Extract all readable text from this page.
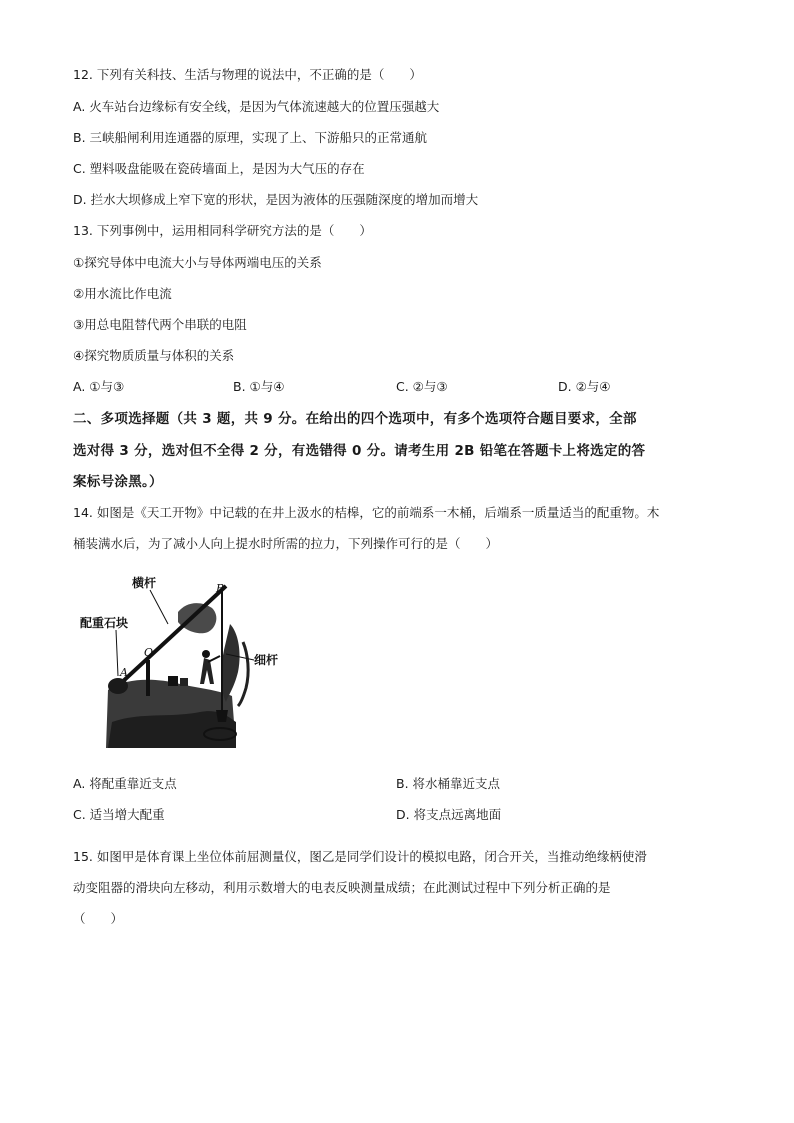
12. 下列有关科技、生活与物理的说法中，不正确的是（　　）
A. 火车站台边缘标有安全线，是因为气体流速越大的位置压强越大
B. 三峡船闸利用连通器的原理，实现了上、下游船只的正常通航
C. 塑料吸盘能吸在瓷砖墙面上，是因为大气压的存在
D. 拦水大坝修成上窄下宽的形状，是因为液体的压强随深度的增加而增大
13. 下列事例中，运用相同科学研究方法的是（　　）
①探究导体中电流大小与导体两端电压的关系
②用水流比作电流
③用总电阻替代两个串联的电阻
④探究物质质量与体积的关系
A. ①与③	B. ①与④	C. ②与③	D. ②与④
二、多项选择题（共 3 题，共 9 分。在给出的四个选项中，有多个选项符合题目要求，全部
选对得 3 分，选对但不全得 2 分，有选错得 0 分。请考生用 2B 铅笔在答题卡上将选定的答
案标号涂黑。）
14. 如图是《天工开物》中记载的在井上汲水的桔槔，它的前端系一木桶，后端系一质量适当的配重物。木
桶装满水后，为了减小人向上提水时所需的拉力，下列操作可行的是（　　）
横杆
配重石块
细杆
B
A
O
A. 将配重靠近支点	B. 将水桶靠近支点
C. 适当增大配重	D. 将支点远离地面
15. 如图甲是体育课上坐位体前屈测量仪，图乙是同学们设计的模拟电路，闭合开关，当推动绝缘柄使滑
动变阻器的滑块向左移动，利用示数增大的电表反映测量成绩；在此测试过程中下列分析正确的是
（　　）
